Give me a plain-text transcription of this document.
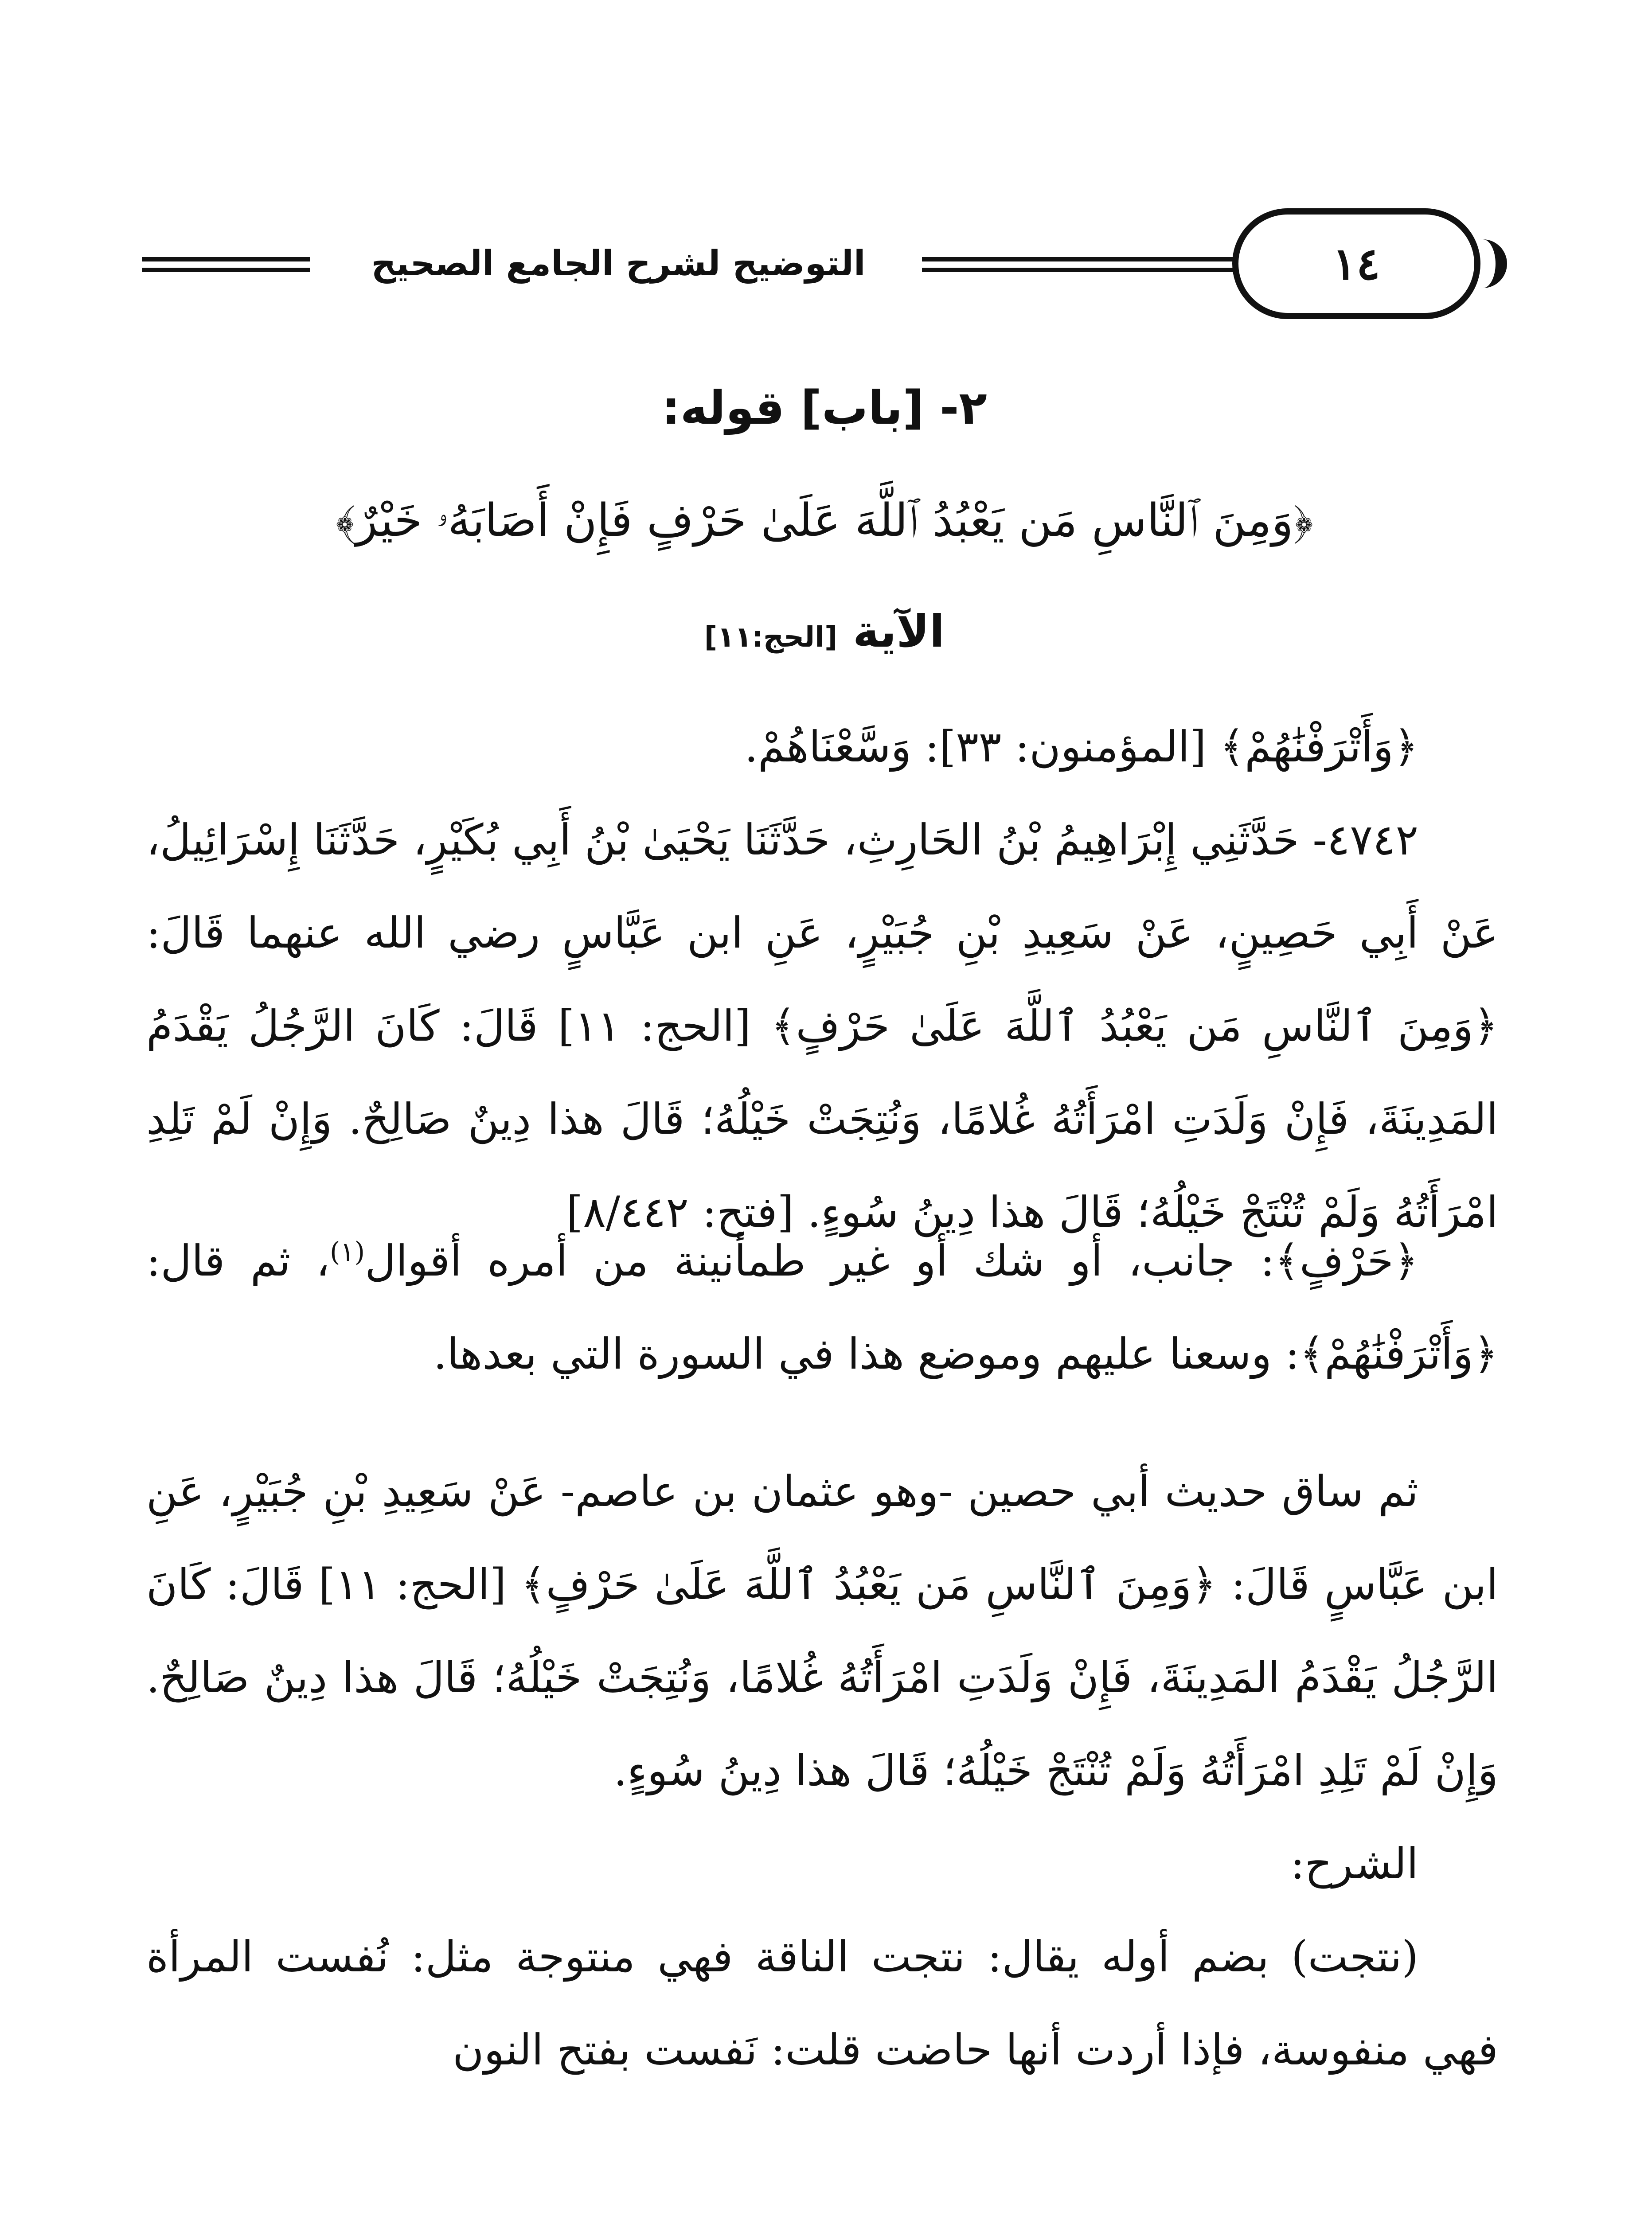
التوضيح لشرح الجامع الصحيح	١٤
٢- [باب] قوله:
﴿وَمِنَ ٱلنَّاسِ مَن يَعْبُدُ ٱللَّهَ عَلَىٰ حَرْفٍ فَإِنْ أَصَابَهُۥ خَيْرٌ﴾
الآية [الحج:١١]

﴿وَأَتْرَفْنَٰهُمْ﴾ [المؤمنون: ٣٣]: وَسَّعْنَاهُمْ.

٤٧٤٢- حَدَّثَنِي إِبْرَاهِيمُ بْنُ الحَارِثِ، حَدَّثَنَا يَحْيَىٰ بْنُ أَبِي بُكَيْرٍ، حَدَّثَنَا إِسْرَائِيلُ، عَنْ أَبِي حَصِينٍ، عَنْ سَعِيدِ بْنِ جُبَيْرٍ، عَنِ ابن عَبَّاسٍ رضي الله عنهما قَالَ: ﴿وَمِنَ ٱلنَّاسِ مَن يَعْبُدُ ٱللَّهَ عَلَىٰ حَرْفٍ﴾ [الحج: ١١] قَالَ: كَانَ الرَّجُلُ يَقْدَمُ المَدِينَةَ، فَإِنْ وَلَدَتِ امْرَأَتُهُ غُلامًا، وَنُتِجَتْ خَيْلُهُ؛ قَالَ هذا دِينٌ صَالِحٌ. وَإِنْ لَمْ تَلِدِ امْرَأَتُهُ وَلَمْ تُنْتَجْ خَيْلُهُ؛ قَالَ هذا دِينُ سُوءٍ. [فتح: ٨/٤٤٢]

﴿حَرْفٍ﴾: جانب، أو شك أو غير طمأنينة من أمره أقوال$^{(١)}$، ثم قال: ﴿وَأَتْرَفْنَٰهُمْ﴾: وسعنا عليهم وموضع هذا في السورة التي بعدها.

ثم ساق حديث أبي حصين -وهو عثمان بن عاصم- عَنْ سَعِيدِ بْنِ جُبَيْرٍ، عَنِ ابن عَبَّاسٍ قَالَ: ﴿وَمِنَ ٱلنَّاسِ مَن يَعْبُدُ ٱللَّهَ عَلَىٰ حَرْفٍ﴾ [الحج: ١١] قَالَ: كَانَ الرَّجُلُ يَقْدَمُ المَدِينَةَ، فَإِنْ وَلَدَتِ امْرَأَتُهُ غُلامًا، وَنُتِجَتْ خَيْلُهُ؛ قَالَ هذا دِينٌ صَالِحٌ. وَإِنْ لَمْ تَلِدِ امْرَأَتُهُ وَلَمْ تُنْتَجْ خَيْلُهُ؛ قَالَ هذا دِينُ سُوءٍ.

الشرح:

(نتجت) بضم أوله يقال: نتجت الناقة فهي منتوجة مثل: نُفست المرأة فهي منفوسة، فإذا أردت أنها حاضت قلت: نَفست بفتح النون
